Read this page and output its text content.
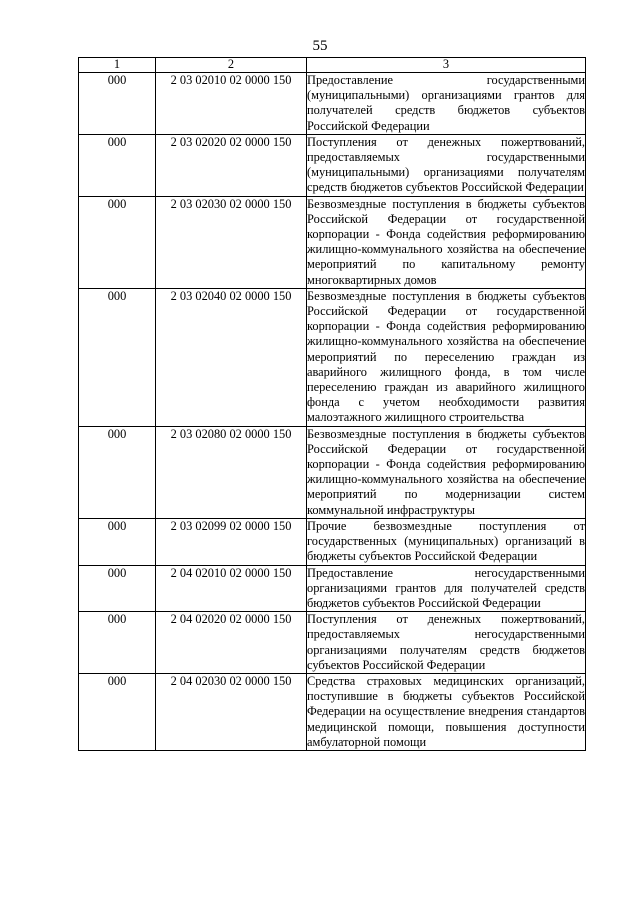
55
1	2	3
000	2 03 02010 02 0000 150	Предоставление государственными (муниципальными) организациями грантов для получателей средств бюджетов субъектов Российской Федерации
000	2 03 02020 02 0000 150	Поступления от денежных пожертвований, предоставляемых государственными (муниципальными) организациями получателям средств бюджетов субъектов Российской Федерации
000	2 03 02030 02 0000 150	Безвозмездные поступления в бюджеты субъектов Российской Федерации от государственной корпорации - Фонда содействия реформированию жилищно-коммунального хозяйства на обеспечение мероприятий по капитальному ремонту многоквартирных домов
000	2 03 02040 02 0000 150	Безвозмездные поступления в бюджеты субъектов Российской Федерации от государственной корпорации - Фонда содействия реформированию жилищно-коммунального хозяйства на обеспечение мероприятий по переселению граждан из аварийного жилищного фонда, в том числе переселению граждан из аварийного жилищного фонда с учетом необходимости развития малоэтажного жилищного строительства
000	2 03 02080 02 0000 150	Безвозмездные поступления в бюджеты субъектов Российской Федерации от государственной корпорации - Фонда содействия реформированию жилищно-коммунального хозяйства на обеспечение мероприятий по модернизации систем коммунальной инфраструктуры
000	2 03 02099 02 0000 150	Прочие безвозмездные поступления от государственных (муниципальных) организаций в бюджеты субъектов Российской Федерации
000	2 04 02010 02 0000 150	Предоставление негосударственными организациями грантов для получателей средств бюджетов субъектов Российской Федерации
000	2 04 02020 02 0000 150	Поступления от денежных пожертвований, предоставляемых негосударственными организациями получателям средств бюджетов субъектов Российской Федерации
000	2 04 02030 02 0000 150	Средства страховых медицинских организаций, поступившие в бюджеты субъектов Российской Федерации на осуществление внедрения стандартов медицинской помощи, повышения доступности амбулаторной помощи
